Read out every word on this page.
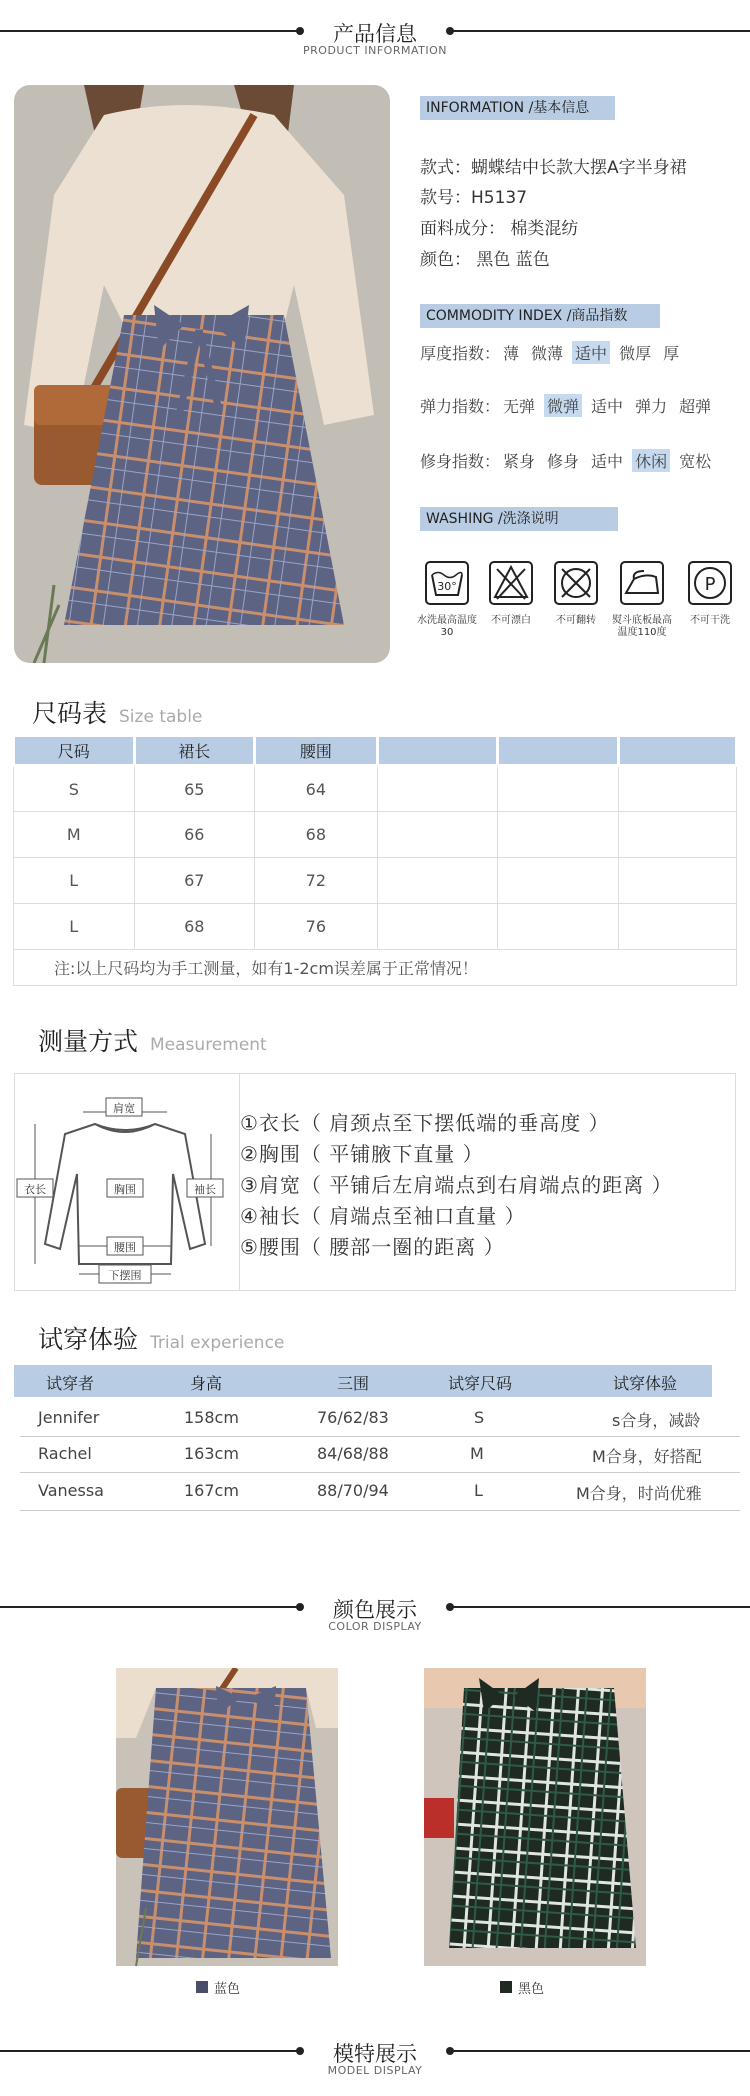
产品信息
PRODUCT INFORMATION
INFORMATION /基本信息
款式：蝴蝶结中长款大摆A字半身裙
款号：H5137
面料成分： 棉类混纺
颜色： 黑色 蓝色
COMMODITY INDEX /商品指数
厚度指数： 薄 微薄 适中 微厚 厚
弹力指数： 无弹 微弹 适中 弹力 超弹
修身指数： 紧身 修身 适中 休闲 宽松
WASHING /洗涤说明
30°
水洗最高温度30
不可漂白	不可翻转	熨斗底板最高温度110度
P
不可干洗
尺码表 Size table
尺码	裙长	腰围			
S	65	64			
M	66	68			
L	67	72			
L	68	76			
注:以上尺码均为手工测量，如有1-2cm误差属于正常情况！					
测量方式 Measurement
肩宽
衣长	胸围	袖长
腰围
下摆围
①衣长（ 肩颈点至下摆低端的垂高度 ）
②胸围（ 平铺腋下直量 ）
③肩宽（ 平铺后左肩端点到右肩端点的距离 ）
④袖长（ 肩端点至袖口直量 ）
⑤腰围（ 腰部一圈的距离 ）
试穿体验 Trial experience
试穿者	身高	三围	试穿尺码	试穿体验
Jennifer	158cm	76/62/83	S	s合身，减龄
Rachel	163cm	84/68/88	M	M合身，好搭配
Vanessa	167cm	88/70/94	L	M合身，时尚优雅
颜色展示
COLOR DISPLAY
蓝色	黑色
模特展示
MODEL DISPLAY
